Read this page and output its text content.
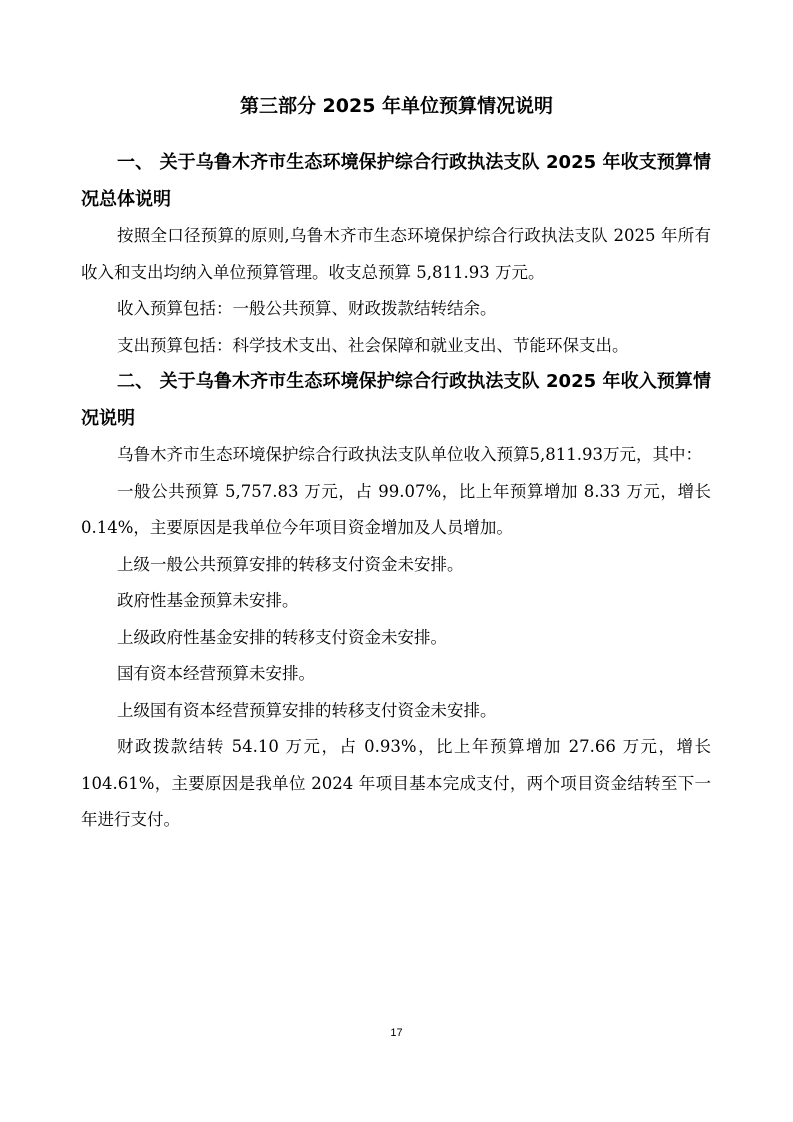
第三部分 2025 年单位预算情况说明

一、 关于乌鲁木齐市生态环境保护综合行政执法支队 2025 年收支预算情况总体说明

按照全口径预算的原则,乌鲁木齐市生态环境保护综合行政执法支队 2025 年所有收入和支出均纳入单位预算管理。收支总预算 5,811.93 万元。

收入预算包括：一般公共预算、财政拨款结转结余。

支出预算包括：科学技术支出、社会保障和就业支出、节能环保支出。

二、 关于乌鲁木齐市生态环境保护综合行政执法支队 2025 年收入预算情况说明

乌鲁木齐市生态环境保护综合行政执法支队单位收入预算5,811.93万元，其中：

一般公共预算 5,757.83 万元，占 99.07%，比上年预算增加 8.33 万元，增长 0.14%，主要原因是我单位今年项目资金增加及人员增加。

上级一般公共预算安排的转移支付资金未安排。

政府性基金预算未安排。

上级政府性基金安排的转移支付资金未安排。

国有资本经营预算未安排。

上级国有资本经营预算安排的转移支付资金未安排。

财政拨款结转 54.10 万元，占 0.93%，比上年预算增加 27.66 万元，增长 104.61%，主要原因是我单位 2024 年项目基本完成支付，两个项目资金结转至下一年进行支付。

17
